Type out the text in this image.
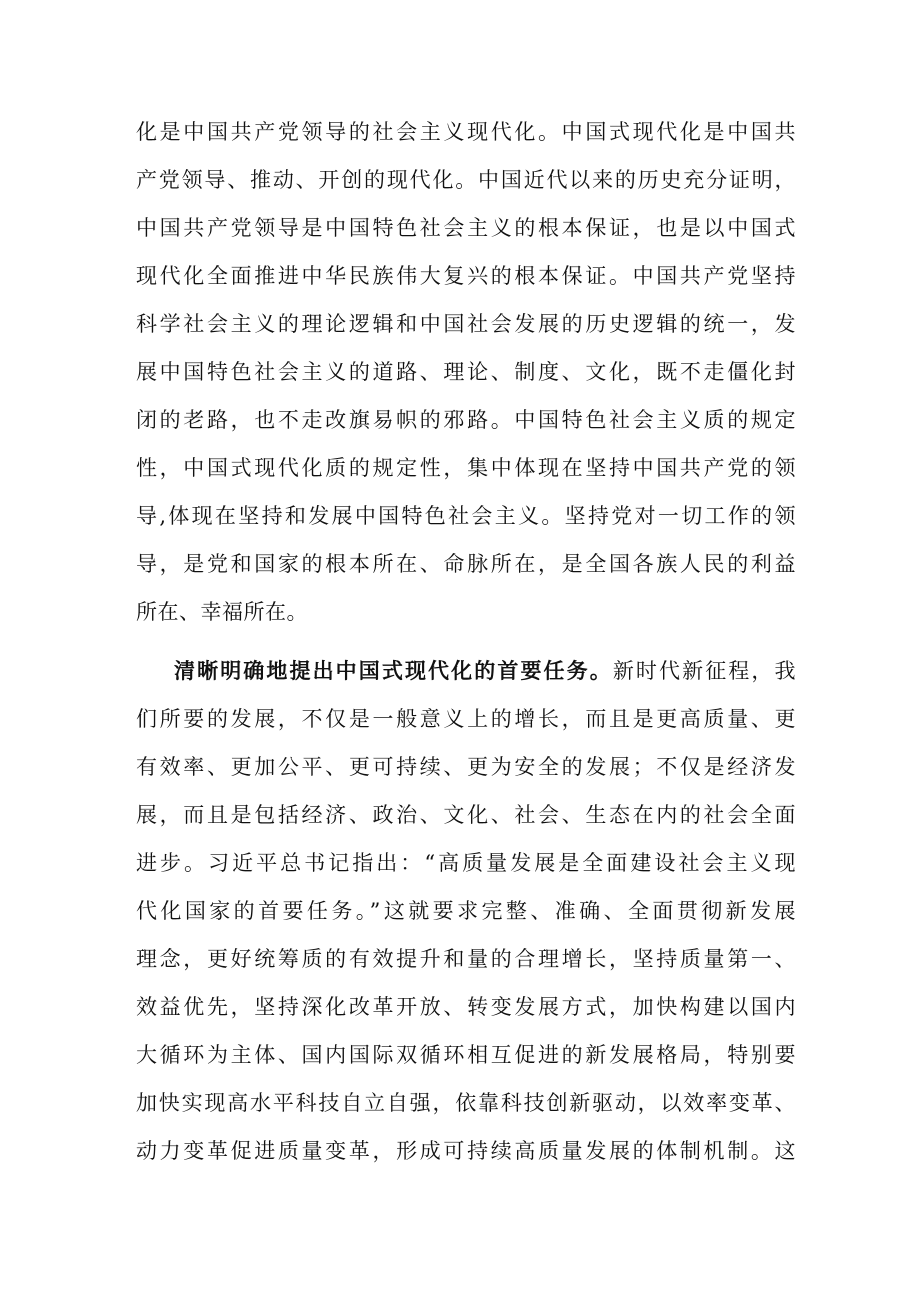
化是中国共产党领导的社会主义现代化。中国式现代化是中国共
产党领导、推动、开创的现代化。中国近代以来的历史充分证明，
中国共产党领导是中国特色社会主义的根本保证，也是以中国式
现代化全面推进中华民族伟大复兴的根本保证。中国共产党坚持
科学社会主义的理论逻辑和中国社会发展的历史逻辑的统一，发
展中国特色社会主义的道路、理论、制度、文化，既不走僵化封
闭的老路，也不走改旗易帜的邪路。中国特色社会主义质的规定
性，中国式现代化质的规定性，集中体现在坚持中国共产党的领
导,体现在坚持和发展中国特色社会主义。坚持党对一切工作的领
导，是党和国家的根本所在、命脉所在，是全国各族人民的利益
所在、幸福所在。
清晰明确地提出中国式现代化的首要任务。新时代新征程，我
们所要的发展，不仅是一般意义上的增长，而且是更高质量、更
有效率、更加公平、更可持续、更为安全的发展；不仅是经济发
展，而且是包括经济、政治、文化、社会、生态在内的社会全面
进步。习近平总书记指出：“高质量发展是全面建设社会主义现
代化国家的首要任务。”这就要求完整、准确、全面贯彻新发展
理念，更好统筹质的有效提升和量的合理增长，坚持质量第一、
效益优先，坚持深化改革开放、转变发展方式，加快构建以国内
大循环为主体、国内国际双循环相互促进的新发展格局，特别要
加快实现高水平科技自立自强，依靠科技创新驱动，以效率变革、
动力变革促进质量变革，形成可持续高质量发展的体制机制。这
